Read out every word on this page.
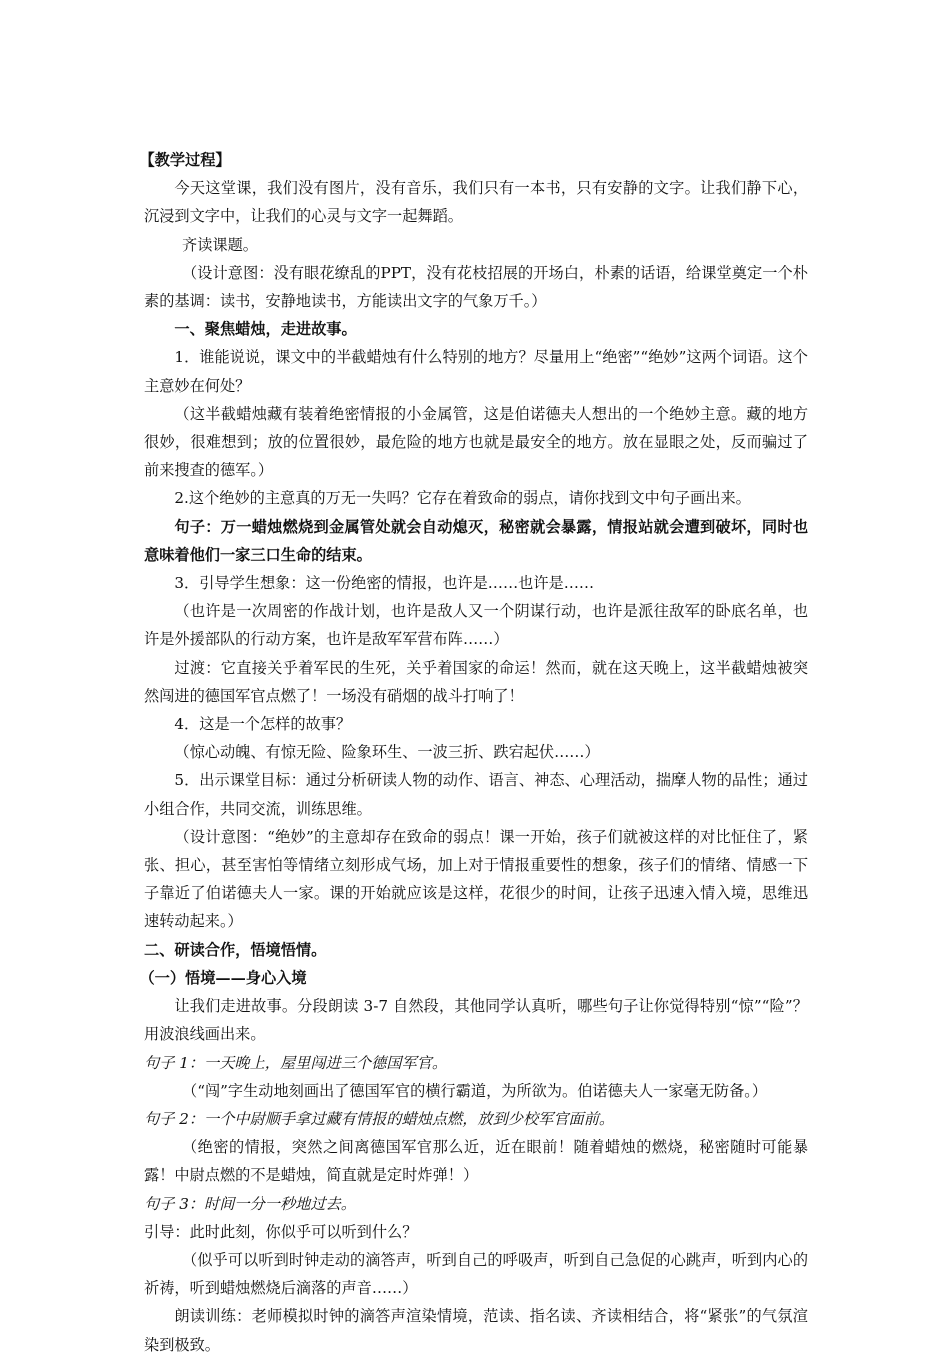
【教学过程】

今天这堂课，我们没有图片，没有音乐，我们只有一本书，只有安静的文字。让我们静下心，沉浸到文字中，让我们的心灵与文字一起舞蹈。

齐读课题。

（设计意图：没有眼花缭乱的PPT，没有花枝招展的开场白，朴素的话语，给课堂奠定一个朴素的基调：读书，安静地读书，方能读出文字的气象万千。）

一、聚焦蜡烛，走进故事。

1．谁能说说，课文中的半截蜡烛有什么特别的地方？尽量用上“绝密”“绝妙”这两个词语。这个主意妙在何处？

（这半截蜡烛藏有装着绝密情报的小金属管，这是伯诺德夫人想出的一个绝妙主意。藏的地方很妙，很难想到；放的位置很妙，最危险的地方也就是最安全的地方。放在显眼之处，反而骗过了前来搜查的德军。）

2.这个绝妙的主意真的万无一失吗？它存在着致命的弱点，请你找到文中句子画出来。

句子：万一蜡烛燃烧到金属管处就会自动熄灭，秘密就会暴露，情报站就会遭到破坏，同时也意味着他们一家三口生命的结束。

3．引导学生想象：这一份绝密的情报，也许是……也许是……

（也许是一次周密的作战计划，也许是敌人又一个阴谋行动，也许是派往敌军的卧底名单，也许是外援部队的行动方案，也许是敌军军营布阵……）

过渡：它直接关乎着军民的生死，关乎着国家的命运！然而，就在这天晚上，这半截蜡烛被突然闯进的德国军官点燃了！一场没有硝烟的战斗打响了！

4．这是一个怎样的故事？

（惊心动魄、有惊无险、险象环生、一波三折、跌宕起伏……）

5．出示课堂目标：通过分析研读人物的动作、语言、神态、心理活动，揣摩人物的品性；通过小组合作，共同交流，训练思维。

（设计意图：“绝妙”的主意却存在致命的弱点！课一开始，孩子们就被这样的对比怔住了，紧张、担心，甚至害怕等情绪立刻形成气场，加上对于情报重要性的想象，孩子们的情绪、情感一下子靠近了伯诺德夫人一家。课的开始就应该是这样，花很少的时间，让孩子迅速入情入境，思维迅速转动起来。）

二、研读合作，悟境悟情。

（一）悟境——身心入境

让我们走进故事。分段朗读 3-7 自然段，其他同学认真听，哪些句子让你觉得特别“惊”“险”？用波浪线画出来。

句子 1：一天晚上，屋里闯进三个德国军官。

（“闯”字生动地刻画出了德国军官的横行霸道，为所欲为。伯诺德夫人一家毫无防备。）

句子 2：一个中尉顺手拿过藏有情报的蜡烛点燃，放到少校军官面前。

（绝密的情报，突然之间离德国军官那么近，近在眼前！随着蜡烛的燃烧，秘密随时可能暴露！中尉点燃的不是蜡烛，简直就是定时炸弹！）

句子 3：时间一分一秒地过去。

引导：此时此刻，你似乎可以听到什么？

（似乎可以听到时钟走动的滴答声，听到自己的呼吸声，听到自己急促的心跳声，听到内心的祈祷，听到蜡烛燃烧后滴落的声音……）

朗读训练：老师模拟时钟的滴答声渲染情境，范读、指名读、齐读相结合，将“紧张”的气氛渲染到极致。
